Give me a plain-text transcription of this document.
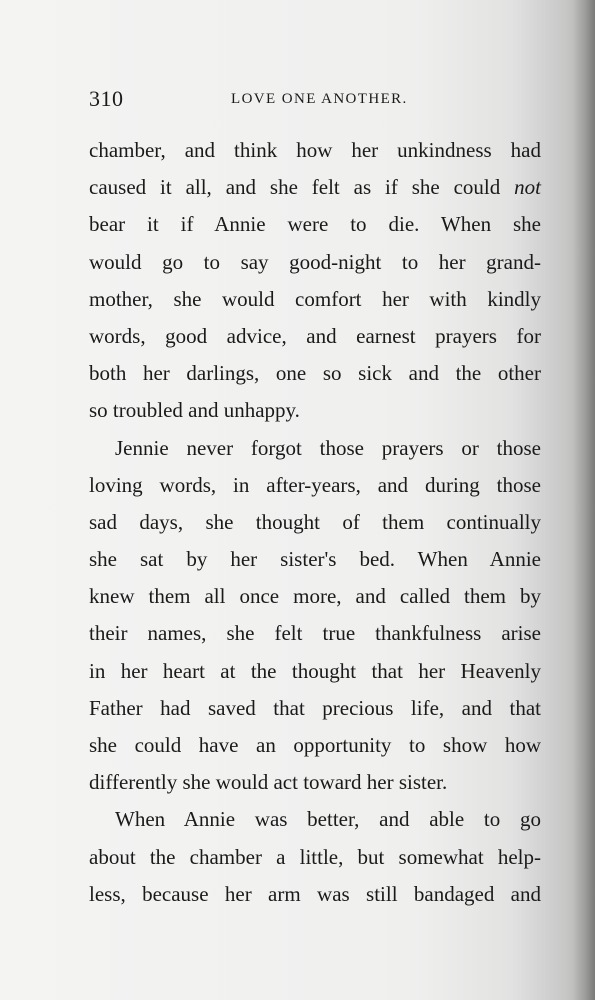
310	LOVE ONE ANOTHER.
chamber, and think how her unkindness had
caused it all, and she felt as if she could not
bear it if Annie were to die. When she
would go to say good-night to her grand-
mother, she would comfort her with kindly
words, good advice, and earnest prayers for
both her darlings, one so sick and the other
so troubled and unhappy.
Jennie never forgot those prayers or those
loving words, in after-years, and during those
sad days, she thought of them continually
she sat by her sister's bed. When Annie
knew them all once more, and called them by
their names, she felt true thankfulness arise
in her heart at the thought that her Heavenly
Father had saved that precious life, and that
she could have an opportunity to show how
differently she would act toward her sister.
When Annie was better, and able to go
about the chamber a little, but somewhat help-
less, because her arm was still bandaged and
